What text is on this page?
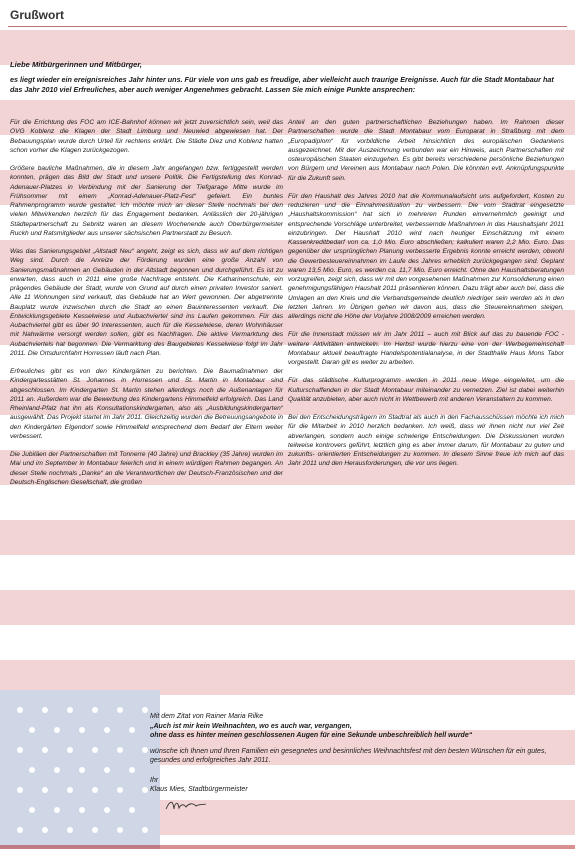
Grußwort
Liebe Mitbürgerinnen und Mitbürger,
es liegt wieder ein ereignisreiches Jahr hinter uns. Für viele von uns gab es freudige, aber vielleicht auch traurige Ereignisse. Auch für die Stadt Montabaur hat das Jahr 2010 viel Erfreuliches, aber auch weniger Angenehmes gebracht. Lassen Sie mich einige Punkte ansprechen:

Für die Errichtung des FOC am ICE-Bahnhof können wir jetzt zuversichtlich sein, weil das OVG Koblenz die Klagen der Stadt Limburg und Neuwied abgewiesen hat. Der Bebauungsplan wurde durch Urteil für rechtens erklärt. Die Städte Diez und Koblenz hatten schon vorher die Klagen zurückgezogen.

Größere bauliche Maßnahmen, die in diesem Jahr angefangen bzw. fertiggestellt werden konnten, prägen das Bild der Stadt und unsere Politik. Die Fertigstellung des Konrad-Adenauer-Platzes in Verbindung mit der Sanierung der Tiefgarage Mitte wurde im Frühsommer mit einem „Konrad-Adenauer-Platz-Fest“ gefeiert. Ein buntes Rahmenprogramm wurde gestaltet. Ich möchte mich an dieser Stelle nochmals bei den vielen Mitwirkenden herzlich für das Engagement bedanken. Anlässlich der 20-jährigen Städtepartnerschaft zu Sebnitz waren an diesem Wochenende auch Oberbürgermeister Ruckh und Ratsmitglieder aus unserer sächsischen Partnerstadt zu Besuch.

Was das Sanierungsgebiet „Altstadt Neu“ angeht, zeigt es sich, dass wir auf dem richtigen Weg sind. Durch die Anreize der Förderung wurden eine große Anzahl von Sanierungsmaßnahmen an Gebäuden in der Altstadt begonnen und durchgeführt. Es ist zu erwarten, dass auch in 2011 eine große Nachfrage entsteht. Die Katharinenschule, ein prägendes Gebäude der Stadt, wurde von Grund auf durch einen privaten Investor saniert. Alle 11 Wohnungen sind verkauft, das Gebäude hat an Wert gewonnen. Der abgetrennte Bauplatz wurde inzwischen durch die Stadt an einen Bauinteressenten verkauft. Die Entwicklungsgebiete Kesselwiese und Aubachviertel sind ins Laufen gekommen. Für das Aubachviertel gibt es über 90 Interessenten, auch für die Kesselwiese, deren Wohnhäuser mit Nahwärme versorgt werden sollen, gibt es Nachfragen. Die aktive Vermarktung des Aubachviertels hat begonnen. Die Vermarktung des Baugebietes Kesselwiese folgt im Jahr 2011. Die Ortsdurchfahrt Horressen läuft nach Plan.

Erfreuliches gibt es von den Kindergärten zu berichten. Die Baumaßnahmen der Kindergartesstätten St. Johannes in Horressen und St. Martin in Montabaur sind abgeschlossen. Im Kindergarten St. Martin stehen allerdings noch die Außenanlagen für 2011 an. Außerdem war die Bewerbung des Kindergartens Himmelfeld erfolgreich. Das Land Rheinland-Pfalz hat ihn als Konsultationskindergarten, also als „Ausbildungskindergarten“ ausgewählt. Das Projekt startet im Jahr 2011. Gleichzeitig wurden die Betreuungsangebote in den Kindergärten Elgendorf sowie Himmelfeld entsprechend dem Bedarf der Eltern weiter verbessert.

Die Jubiläen der Partnerschaften mit Tonnerre (40 Jahre) und Brackley (35 Jahre) wurden im Mai und im September in Montabaur feierlich und in einem würdigen Rahmen begangen. An dieser Stelle nochmals „Danke“ an die Verantwortlichen der Deutsch-Französischen und der Deutsch-Englischen Gesellschaft, die großen

Anteil an den guten partnerschaftlichen Beziehungen haben. Im Rahmen dieser Partnerschaften wurde die Stadt Montabaur vom Europarat in Straßburg mit dem „Europadiplom“ für vorbildliche Arbeit hinsichtlich des europäischen Gedankens ausgezeichnet. Mit der Auszeichnung verbunden war ein Hinweis, auch Partnerschaften mit osteuropäischen Staaten einzugehen. Es gibt bereits verschiedene persönliche Beziehungen von Bürgern und Vereinen aus Montabaur nach Polen. Die könnten evtl. Anknüpfungspunkte für die Zukunft sein.

Für den Haushalt des Jahres 2010 hat die Kommunalaufsicht uns aufgefordert, Kosten zu reduzieren und die Einnahmesituation zu verbessern. Die vom Stadtrat eingesetzte „Haushaltskommission“ hat sich in mehreren Runden einvernehmlich geeinigt und entsprechende Vorschläge unterbreitet, verbessernde Maßnahmen in das Haushaltsjahr 2011 einzubringen. Der Haushalt 2010 wird nach heutiger Einschätzung mit einem Kassenkreditbedarf von ca. 1,0 Mio. Euro abschließen; kalkuliert waren 2,2 Mio. Euro. Das gegenüber der ursprünglichen Planung verbesserte Ergebnis konnte erreicht werden, obwohl die Gewerbesteuereinnahmen im Laufe des Jahres erheblich zurückgegangen sind. Geplant waren 13,5 Mio. Euro, es werden ca. 11,7 Mio. Euro erreicht. Ohne den Haushaltsberatungen vorzugreifen, zeigt sich, dass wir mit den vorgesehenen Maßnahmen zur Konsolidierung einen genehmigungsfähigen Haushalt 2011 präsentieren können. Dazu trägt aber auch bei, dass die Umlagen an den Kreis und die Verbandsgemeinde deutlich niedriger sein werden als in den letzten Jahren. Im Übrigen gehen wir davon aus, dass die Steuereinnahmen steigen, allerdings nicht die Höhe der Vorjahre 2008/2009 erreichen werden.

Für die Innenstadt müssen wir im Jahr 2011 – auch mit Blick auf das zu bauende FOC - weitere Aktivitäten entwickeln. Im Herbst wurde hierzu eine von der Werbegemeinschaft Montabaur aktuell beauftragte Handelspotentialanalyse, in der Stadthalle Haus Mons Tabor vorgestellt. Daran gilt es weiter zu arbeiten.

Für das städtische Kulturprogramm werden in 2011 neue Wege eingeleitet, um die Kulturschaffenden in der Stadt Montabaur miteinander zu vernetzen. Ziel ist dabei weiterhin Qualität anzubieten, aber auch nicht in Wettbewerb mit anderen Veranstaltern zu kommen.

Bei den Entscheidungsträgern im Stadtrat als auch in den Fachausschüssen möchte ich mich für die Mitarbeit in 2010 herzlich bedanken. Ich weiß, dass wir ihnen nicht nur viel Zeit abverlangen, sondern auch einige schwierige Entscheidungen. Die Diskussionen wurden teilweise kontrovers geführt, letztlich ging es aber immer darum, für Montabaur zu guten und zukunfts- orientierten Entscheidungen zu kommen. In diesem Sinne freue ich mich auf das Jahr 2011 und den Herausforderungen, die vor uns liegen.

Mit dem Zitat von Rainer Maria Rilke
„Auch ist mir kein Weihnachten, wo es auch war, vergangen,
ohne dass es hinter meinen geschlossenen Augen für eine Sekunde unbeschreiblich hell wurde“
wünsche ich Ihnen und Ihren Familien ein gesegnetes und besinnliches Weihnachtsfest mit den besten Wünschen für ein gutes, gesundes und erfolgreiches Jahr 2011.
Ihr
Klaus Mies, Stadtbürgermeister
